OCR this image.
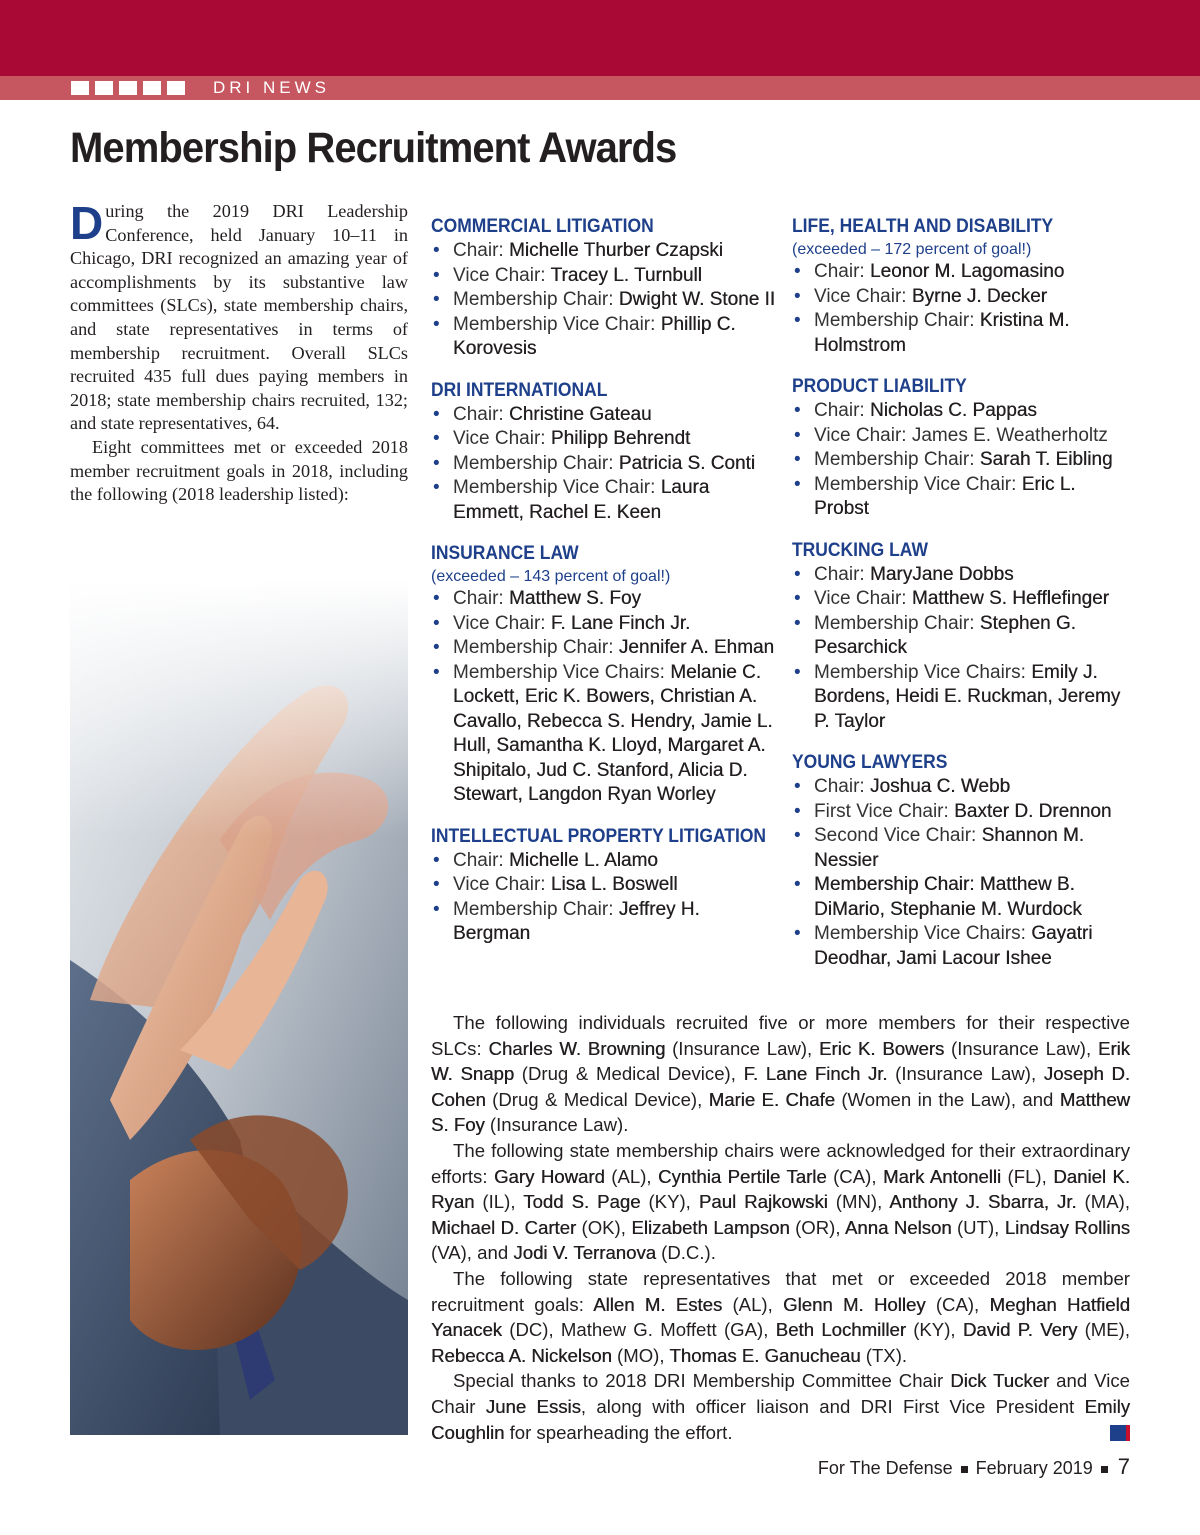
DRI NEWS
Membership Recruitment Awards

During the 2019 DRI Leadership Conference, held January 10–11 in Chicago, DRI recognized an amazing year of accomplishments by its substantive law committees (SLCs), state membership chairs, and state representatives in terms of membership recruitment. Overall SLCs recruited 435 full dues paying members in 2018; state membership chairs recruited, 132; and state representatives, 64.

Eight committees met or exceeded 2018 member recruitment goals in 2018, including the following (2018 leadership listed):

COMMERCIAL LITIGATION
• Chair: Michelle Thurber Czapski
• Vice Chair: Tracey L. Turnbull
• Membership Chair: Dwight W. Stone II
• Membership Vice Chair: Phillip C. Korovesis
DRI INTERNATIONAL
• Chair: Christine Gateau
• Vice Chair: Philipp Behrendt
• Membership Chair: Patricia S. Conti
• Membership Vice Chair: Laura Emmett, Rachel E. Keen
INSURANCE LAW
(exceeded – 143 percent of goal!)
• Chair: Matthew S. Foy
• Vice Chair: F. Lane Finch Jr.
• Membership Chair: Jennifer A. Ehman
• Membership Vice Chairs: Melanie C. Lockett, Eric K. Bowers, Christian A. Cavallo, Rebecca S. Hendry, Jamie L. Hull, Samantha K. Lloyd, Margaret A. Shipitalo, Jud C. Stanford, Alicia D. Stewart, Langdon Ryan Worley
INTELLECTUAL PROPERTY LITIGATION
• Chair: Michelle L. Alamo
• Vice Chair: Lisa L. Boswell
• Membership Chair: Jeffrey H. Bergman
LIFE, HEALTH AND DISABILITY
(exceeded – 172 percent of goal!)
• Chair: Leonor M. Lagomasino
• Vice Chair: Byrne J. Decker
• Membership Chair: Kristina M. Holmstrom
PRODUCT LIABILITY
• Chair: Nicholas C. Pappas
• Vice Chair: James E. Weatherholtz
• Membership Chair: Sarah T. Eibling
• Membership Vice Chair: Eric L. Probst
TRUCKING LAW
• Chair: MaryJane Dobbs
• Vice Chair: Matthew S. Hefflefinger
• Membership Chair: Stephen G. Pesarchick
• Membership Vice Chairs: Emily J. Bordens, Heidi E. Ruckman, Jeremy P. Taylor
YOUNG LAWYERS
• Chair: Joshua C. Webb
• First Vice Chair: Baxter D. Drennon
• Second Vice Chair: Shannon M. Nessier
• Membership Chair: Matthew B. DiMario, Stephanie M. Wurdock
• Membership Vice Chairs: Gayatri Deodhar, Jami Lacour Ishee

The following individuals recruited five or more members for their respective SLCs: Charles W. Browning (Insurance Law), Eric K. Bowers (Insurance Law), Erik W. Snapp (Drug & Medical Device), F. Lane Finch Jr. (Insurance Law), Joseph D. Cohen (Drug & Medical Device), Marie E. Chafe (Women in the Law), and Matthew S. Foy (Insurance Law).

The following state membership chairs were acknowledged for their extraordinary efforts: Gary Howard (AL), Cynthia Pertile Tarle (CA), Mark Antonelli (FL), Daniel K. Ryan (IL), Todd S. Page (KY), Paul Rajkowski (MN), Anthony J. Sbarra, Jr. (MA), Michael D. Carter (OK), Elizabeth Lampson (OR), Anna Nelson (UT), Lindsay Rollins (VA), and Jodi V. Terranova (D.C.).

The following state representatives that met or exceeded 2018 member recruitment goals: Allen M. Estes (AL), Glenn M. Holley (CA), Meghan Hatfield Yanacek (DC), Mathew G. Moffett (GA), Beth Lochmiller (KY), David P. Very (ME), Rebecca A. Nickelson (MO), Thomas E. Ganucheau (TX).

Special thanks to 2018 DRI Membership Committee Chair Dick Tucker and Vice Chair June Essis, along with officer liaison and DRI First Vice President Emily Coughlin for spearheading the effort.	FD

For The Defense February 2019 7
